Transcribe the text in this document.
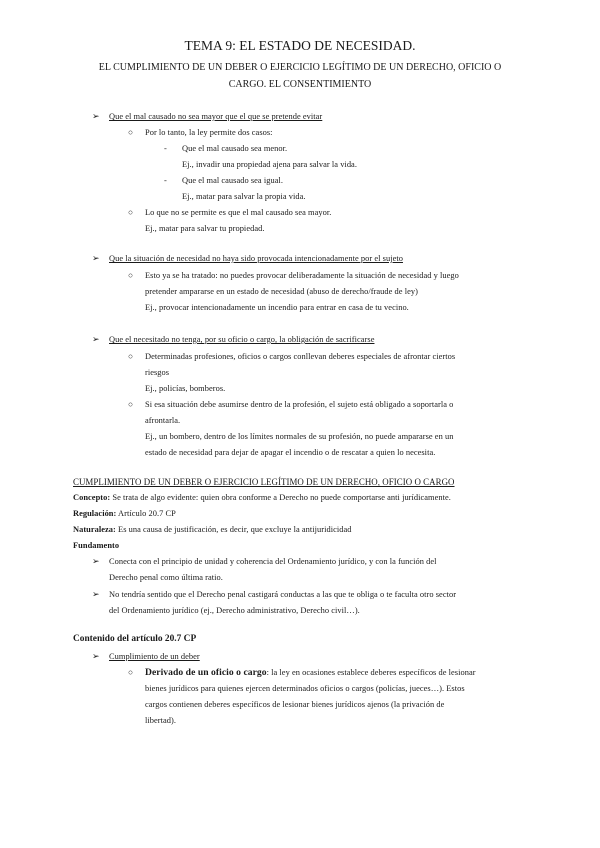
TEMA 9: EL ESTADO DE NECESIDAD.
EL CUMPLIMIENTO DE UN DEBER O EJERCICIO LEGÍTIMO DE UN DERECHO, OFICIO O
CARGO. EL CONSENTIMIENTO
➢ Que el mal causado no sea mayor que el que se pretende evitar
○ Por lo tanto, la ley permite dos casos:
- Que el mal causado sea menor.
Ej., invadir una propiedad ajena para salvar la vida.
- Que el mal causado sea igual.
Ej., matar para salvar la propia vida.
○ Lo que no se permite es que el mal causado sea mayor.
Ej., matar para salvar tu propiedad.
➢ Que la situación de necesidad no haya sido provocada intencionadamente por el sujeto
○ Esto ya se ha tratado: no puedes provocar deliberadamente la situación de necesidad y luego
pretender ampararse en un estado de necesidad (abuso de derecho/fraude de ley)
Ej., provocar intencionadamente un incendio para entrar en casa de tu vecino.
➢ Que el necesitado no tenga, por su oficio o cargo, la obligación de sacrificarse
○ Determinadas profesiones, oficios o cargos conllevan deberes especiales de afrontar ciertos
riesgos
Ej., policías, bomberos.
○ Si esa situación debe asumirse dentro de la profesión, el sujeto está obligado a soportarla o
afrontarla.
Ej., un bombero, dentro de los límites normales de su profesión, no puede ampararse en un
estado de necesidad para dejar de apagar el incendio o de rescatar a quien lo necesita.
CUMPLIMIENTO DE UN DEBER O EJERCICIO LEGÍTIMO DE UN DERECHO, OFICIO O CARGO
Concepto: Se trata de algo evidente: quien obra conforme a Derecho no puede comportarse anti jurídicamente.
Regulación: Artículo 20.7 CP
Naturaleza: Es una causa de justificación, es decir, que excluye la antijuridicidad
Fundamento
➢ Conecta con el principio de unidad y coherencia del Ordenamiento jurídico, y con la función del
Derecho penal como última ratio.
➢ No tendría sentido que el Derecho penal castigará conductas a las que te obliga o te faculta otro sector
del Ordenamiento jurídico (ej., Derecho administrativo, Derecho civil…).
Contenido del artículo 20.7 CP
➢ Cumplimiento de un deber
○ Derivado de un oficio o cargo: la ley en ocasiones establece deberes específicos de lesionar
bienes jurídicos para quienes ejercen determinados oficios o cargos (policías, jueces…). Estos
cargos contienen deberes específicos de lesionar bienes jurídicos ajenos (la privación de
libertad).
